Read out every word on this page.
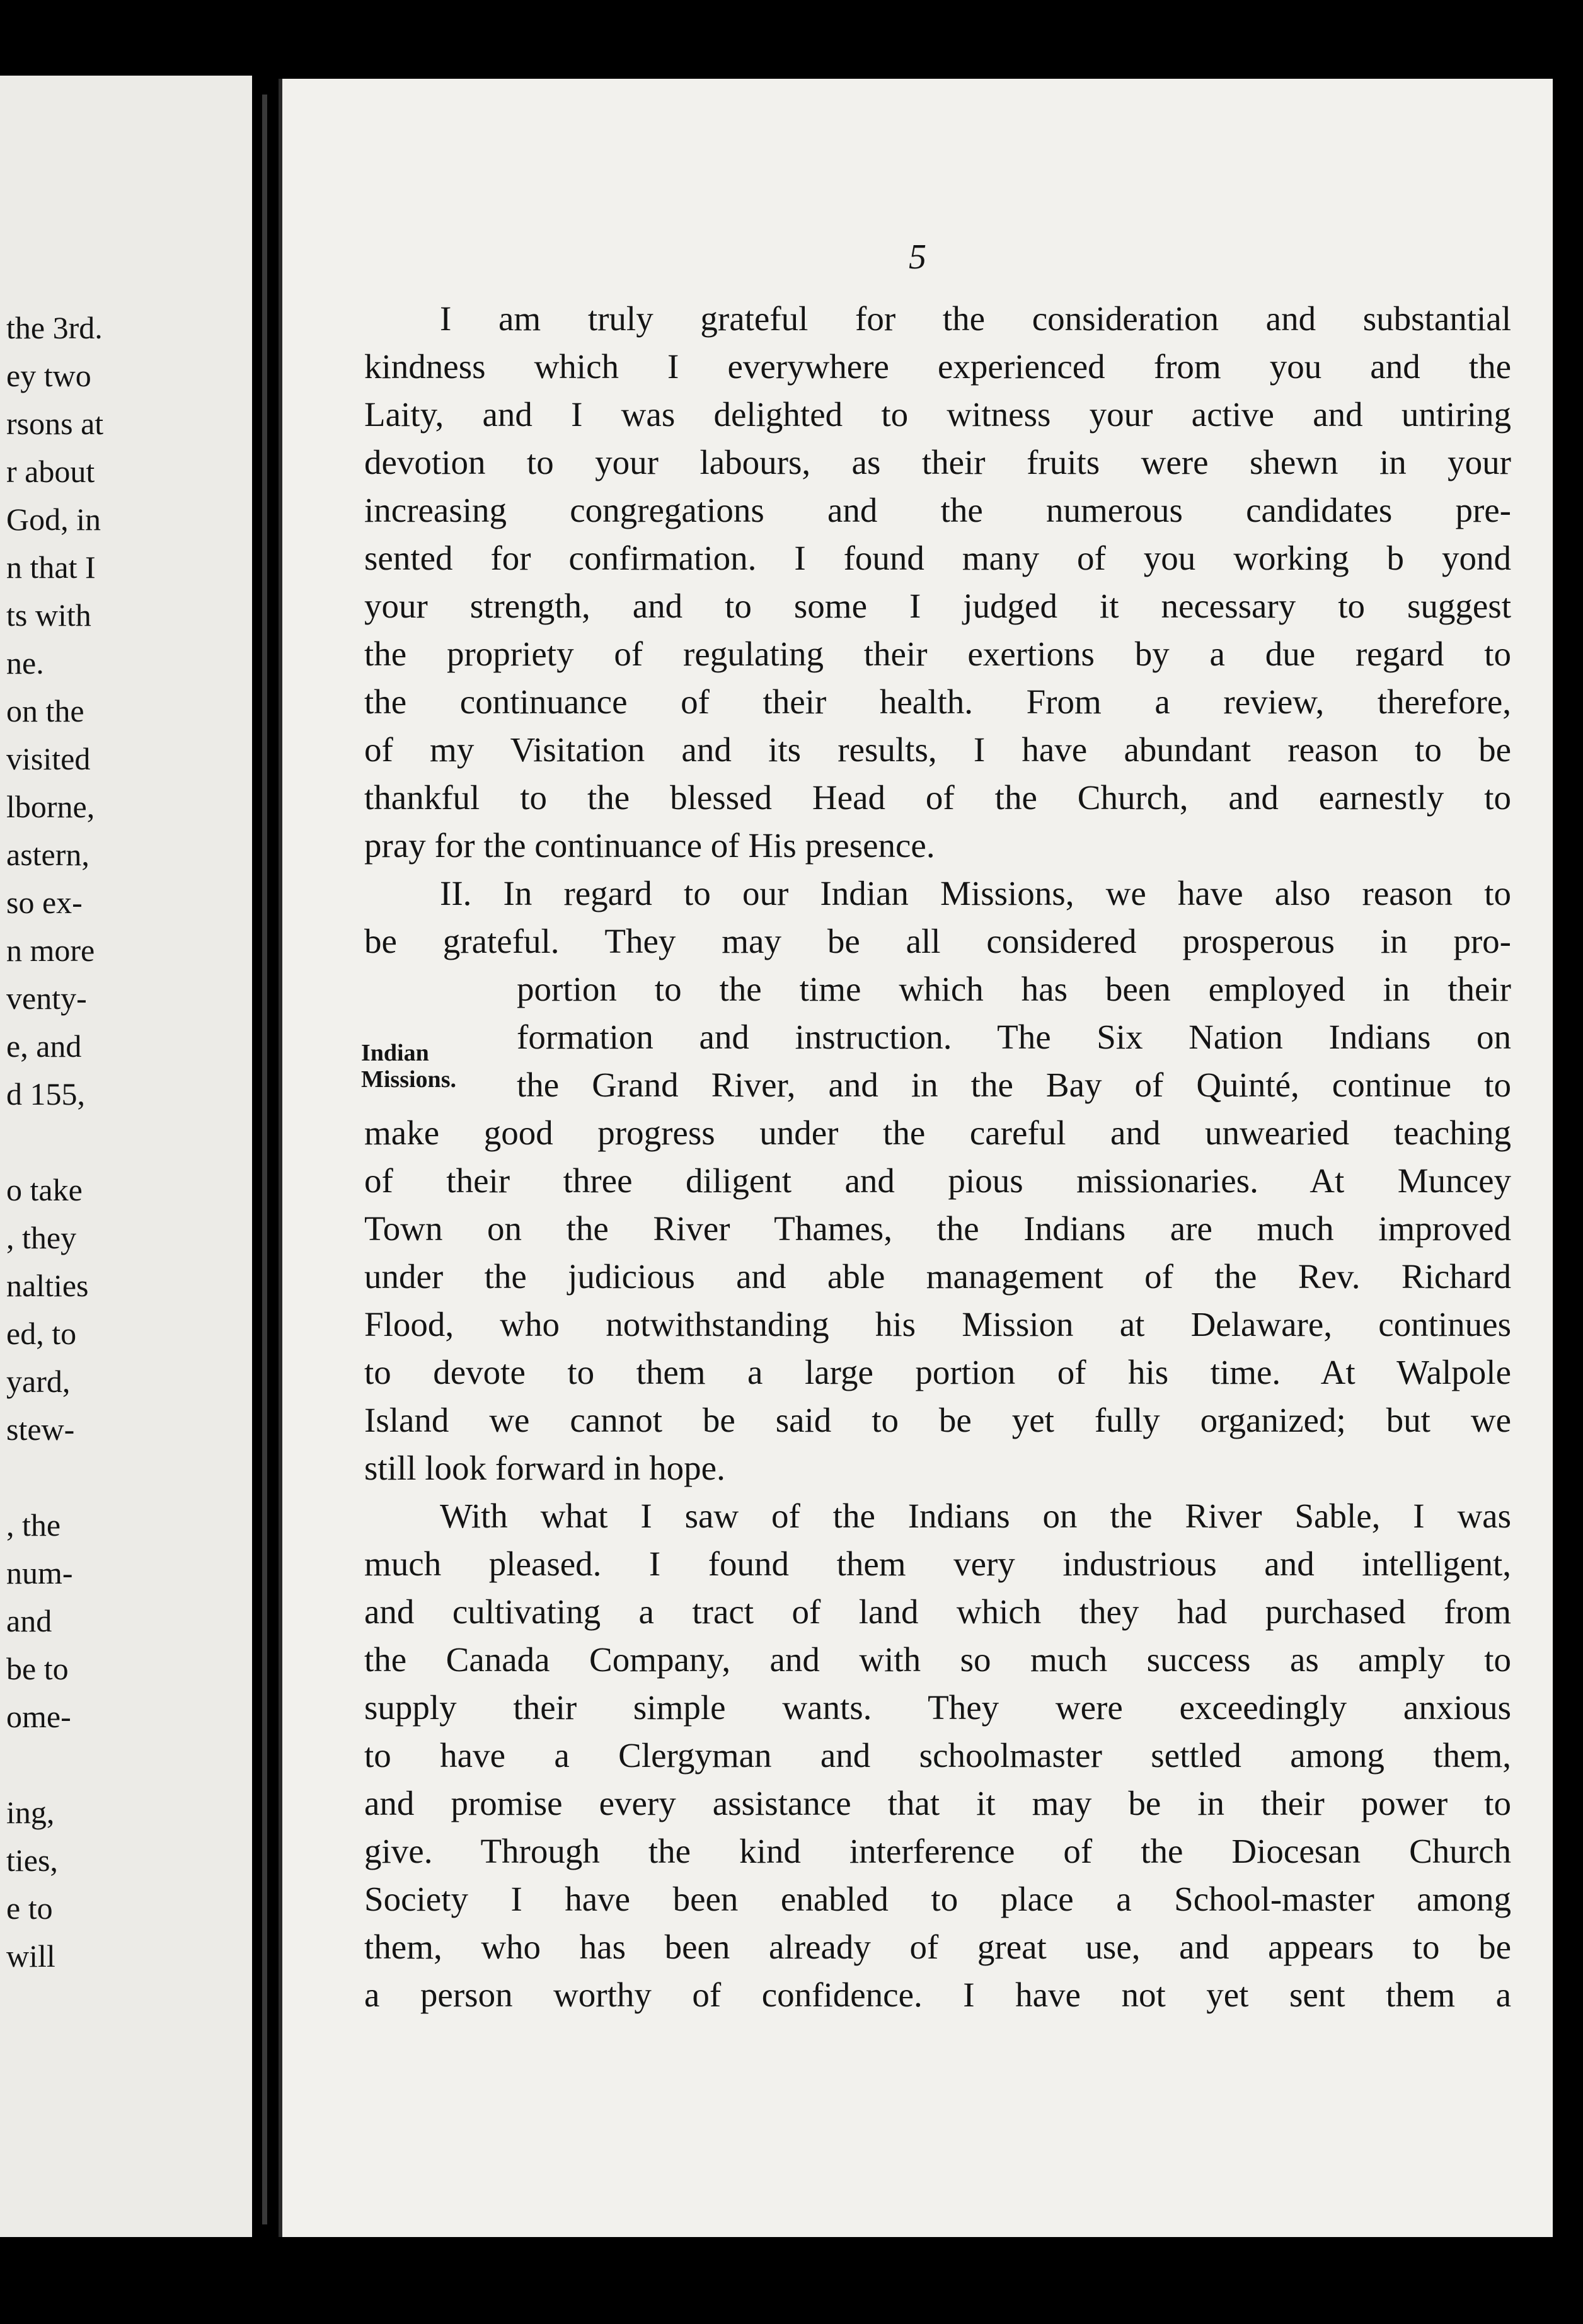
the 3rd.
ey two
rsons at
r about
God, in
n that I
ts with
ne.
on the
visited
lborne,
astern,
so ex-
n more
venty-
e, and
d 155,
o take
, they
nalties
ed, to
yard,
stew-
, the
num-
and
be to
ome-
ing,
ties,
e to
will
5
Indian
Missions.
I am truly grateful for the consideration and substantial
kindness which I everywhere experienced from you and the
Laity, and I was delighted to witness your active and untiring
devotion to your labours, as their fruits were shewn in your
increasing congregations and the numerous candidates pre-
sented for confirmation. I found many of you working b yond
your strength, and to some I judged it necessary to suggest
the propriety of regulating their exertions by a due regard to
the continuance of their health. From a review, therefore,
of my Visitation and its results, I have abundant reason to be
thankful to the blessed Head of the Church, and earnestly to
pray for the continuance of His presence.
II. In regard to our Indian Missions, we have also reason to
be grateful. They may be all considered prosperous in pro-
portion to the time which has been employed in their
formation and instruction. The Six Nation Indians on
the Grand River, and in the Bay of Quinté, continue to
make good progress under the careful and unwearied teaching
of their three diligent and pious missionaries. At Muncey
Town on the River Thames, the Indians are much improved
under the judicious and able management of the Rev. Richard
Flood, who notwithstanding his Mission at Delaware, continues
to devote to them a large portion of his time. At Walpole
Island we cannot be said to be yet fully organized; but we
still look forward in hope.
With what I saw of the Indians on the River Sable, I was
much pleased. I found them very industrious and intelligent,
and cultivating a tract of land which they had purchased from
the Canada Company, and with so much success as amply to
supply their simple wants. They were exceedingly anxious
to have a Clergyman and schoolmaster settled among them,
and promise every assistance that it may be in their power to
give. Through the kind interference of the Diocesan Church
Society I have been enabled to place a School-master among
them, who has been already of great use, and appears to be
a person worthy of confidence. I have not yet sent them a
